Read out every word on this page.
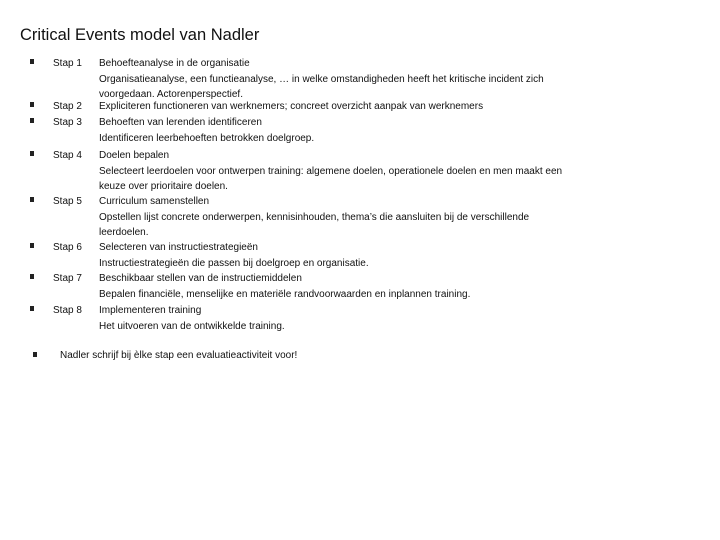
Critical Events model van Nadler
Stap 1 Behoefteanalyse in de organisatie
Organisatieanalyse, een functieanalyse, … in welke omstandigheden heeft het kritische incident zich
voorgedaan. Actorenperspectief.
Stap 2 Expliciteren functioneren van werknemers; concreet overzicht aanpak van werknemers
Stap 3 Behoeften van lerenden identificeren
Identificeren leerbehoeften betrokken doelgroep.
Stap 4 Doelen bepalen
Selecteert leerdoelen voor ontwerpen training: algemene doelen, operationele doelen en men maakt een
keuze over prioritaire doelen.
Stap 5 Curriculum samenstellen
Opstellen lijst concrete onderwerpen, kennisinhouden, thema’s die aansluiten bij de verschillende
leerdoelen.
Stap 6 Selecteren van instructiestrategieën
Instructiestrategieën die passen bij doelgroep en organisatie.
Stap 7 Beschikbaar stellen van de instructiemiddelen
Bepalen financiële, menselijke en materiële randvoorwaarden en inplannen training.
Stap 8 Implementeren training
Het uitvoeren van de ontwikkelde training.
Nadler schrijf bij èlke stap een evaluatieactiviteit voor!
